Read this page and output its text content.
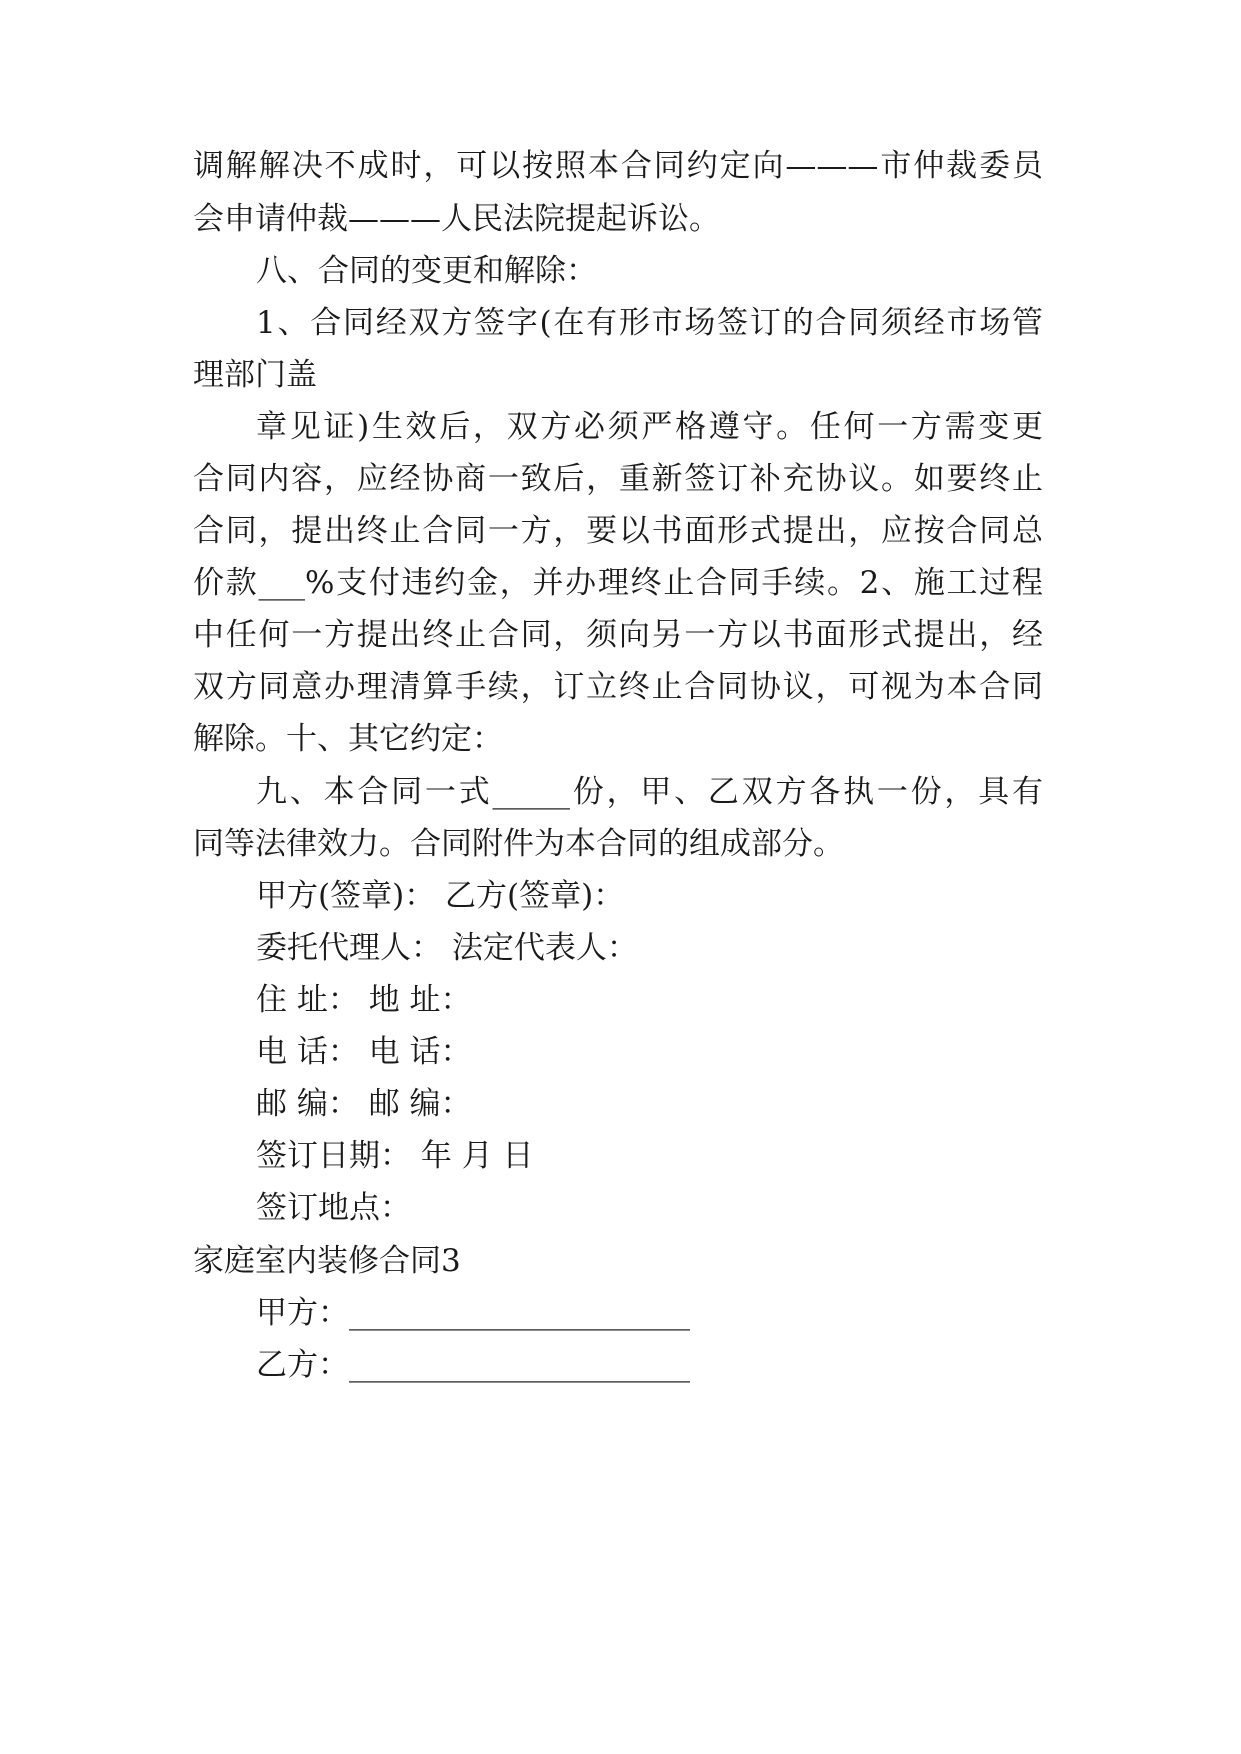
调解解决不成时，可以按照本合同约定向———市仲裁委员
会申请仲裁———人民法院提起诉讼。
八、合同的变更和解除：
1、合同经双方签字(在有形市场签订的合同须经市场管
理部门盖
章见证)生效后，双方必须严格遵守。任何一方需变更
合同内容，应经协商一致后，重新签订补充协议。如要终止
合同，提出终止合同一方，要以书面形式提出，应按合同总
价款___%支付违约金，并办理终止合同手续。2、施工过程
中任何一方提出终止合同，须向另一方以书面形式提出，经
双方同意办理清算手续，订立终止合同协议，可视为本合同
解除。十、其它约定：
九、本合同一式_____份，甲、乙双方各执一份，具有
同等法律效力。合同附件为本合同的组成部分。
甲方(签章)： 乙方(签章)：
委托代理人： 法定代表人：
住 址： 地 址：
电 话： 电 话：
邮 编： 邮 编：
签订日期： 年 月 日
签订地点：
家庭室内装修合同3
甲方：______________________
乙方：______________________
